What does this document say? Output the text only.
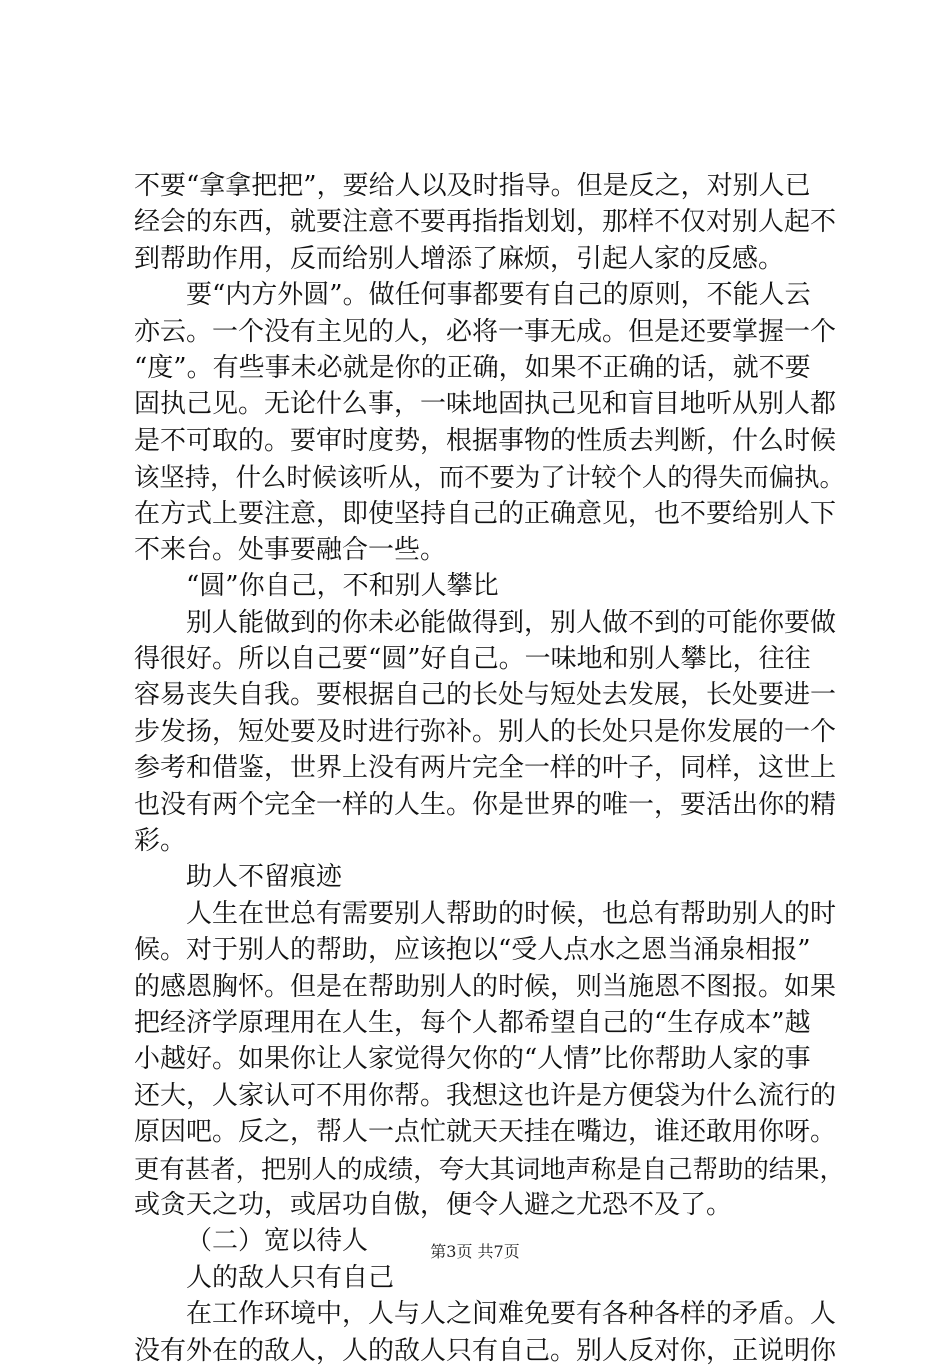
不要“拿拿把把”，要给人以及时指导。但是反之，对别人已
经会的东西，就要注意不要再指指划划，那样不仅对别人起不
到帮助作用，反而给别人增添了麻烦，引起人家的反感。
要“内方外圆”。做任何事都要有自己的原则，不能人云
亦云。一个没有主见的人，必将一事无成。但是还要掌握一个
“度”。有些事未必就是你的正确，如果不正确的话，就不要
固执己见。无论什么事，一味地固执己见和盲目地听从别人都
是不可取的。要审时度势，根据事物的性质去判断，什么时候
该坚持，什么时候该听从，而不要为了计较个人的得失而偏执。
在方式上要注意，即使坚持自己的正确意见，也不要给别人下
不来台。处事要融合一些。
“圆”你自己，不和别人攀比
别人能做到的你未必能做得到，别人做不到的可能你要做
得很好。所以自己要“圆”好自己。一味地和别人攀比，往往
容易丧失自我。要根据自己的长处与短处去发展，长处要进一
步发扬，短处要及时进行弥补。别人的长处只是你发展的一个
参考和借鉴，世界上没有两片完全一样的叶子，同样，这世上
也没有两个完全一样的人生。你是世界的唯一，要活出你的精
彩。
助人不留痕迹
人生在世总有需要别人帮助的时候，也总有帮助别人的时
候。对于别人的帮助，应该抱以“受人点水之恩当涌泉相报”
的感恩胸怀。但是在帮助别人的时候，则当施恩不图报。如果
把经济学原理用在人生，每个人都希望自己的“生存成本”越
小越好。如果你让人家觉得欠你的“人情”比你帮助人家的事
还大，人家认可不用你帮。我想这也许是方便袋为什么流行的
原因吧。反之，帮人一点忙就天天挂在嘴边，谁还敢用你呀。
更有甚者，把别人的成绩，夸大其词地声称是自己帮助的结果，
或贪天之功，或居功自傲，便令人避之尤恐不及了。
（二）宽以待人
人的敌人只有自己
在工作环境中，人与人之间难免要有各种各样的矛盾。人
没有外在的敌人，人的敌人只有自己。别人反对你，正说明你
第3页 共7页
